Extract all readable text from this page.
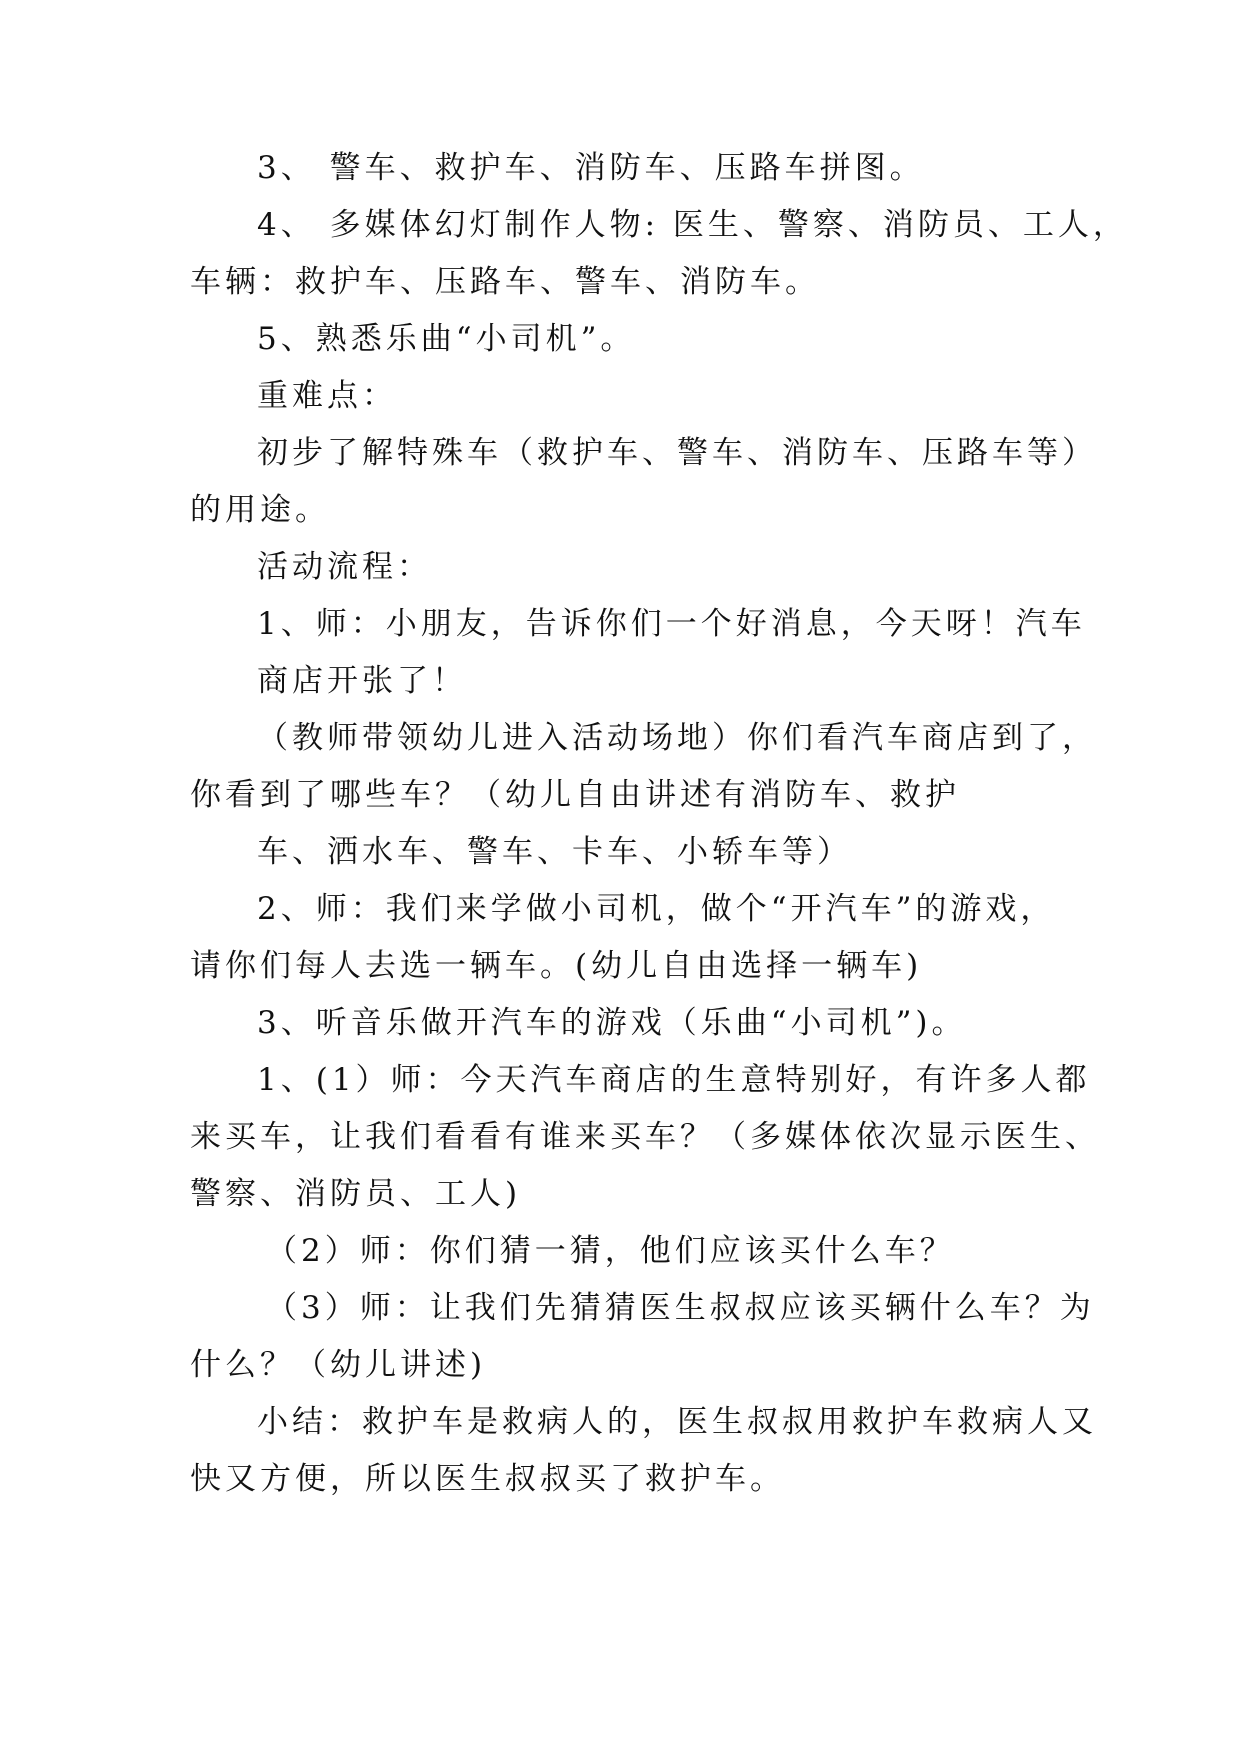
3、 警车、救护车、消防车、压路车拼图。
4、 多媒体幻灯制作人物: 医生、警察、消防员、工人，
车辆：救护车、压路车、警车、消防车。
5、熟悉乐曲“小司机”。
重难点：
初步了解特殊车（救护车、警车、消防车、压路车等）
的用途。
活动流程：
1、师：小朋友，告诉你们一个好消息，今天呀！汽车
商店开张了！
（教师带领幼儿进入活动场地）你们看汽车商店到了，
你看到了哪些车？（幼儿自由讲述有消防车、救护
车、洒水车、警车、卡车、小轿车等）
2、师：我们来学做小司机，做个“开汽车”的游戏，
请你们每人去选一辆车。(幼儿自由选择一辆车)
3、听音乐做开汽车的游戏（乐曲“小司机”)。
1、(1）师：今天汽车商店的生意特别好，有许多人都
来买车，让我们看看有谁来买车？（多媒体依次显示医生、
警察、消防员、工人)
（2）师：你们猜一猜，他们应该买什么车？
（3）师：让我们先猜猜医生叔叔应该买辆什么车？为
什么？（幼儿讲述)
小结：救护车是救病人的，医生叔叔用救护车救病人又
快又方便，所以医生叔叔买了救护车。
